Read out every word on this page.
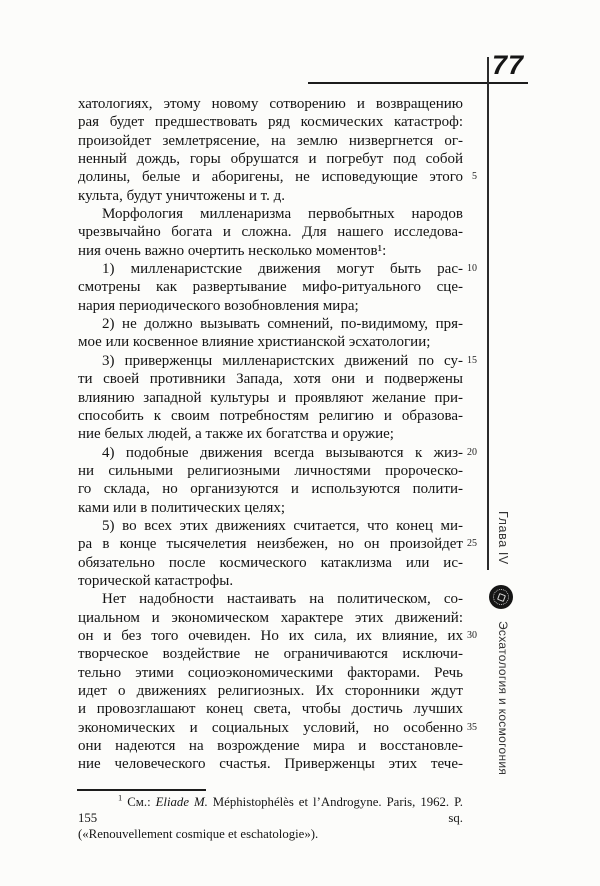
77
хатологиях, этому новому сотворению и возвращению
рая будет предшествовать ряд космических катастроф:
произойдет землетрясение, на землю низвергнется ог-
ненный дождь, горы обрушатся и погребут под собой
долины, белые и аборигены, не исповедующие этого
культа, будут уничтожены и т. д.
Морфология милленаризма первобытных народов
чрезвычайно богата и сложна. Для нашего исследова-
ния очень важно очертить несколько моментов¹:
1) милленаристские движения могут быть рас-
смотрены как развертывание мифо-ритуального сце-
нария периодического возобновления мира;
2) не должно вызывать сомнений, по-видимому, пря-
мое или косвенное влияние христианской эсхатологии;
3) приверженцы милленаристских движений по су-
ти своей противники Запада, хотя они и подвержены
влиянию западной культуры и проявляют желание при-
способить к своим потребностям религию и образова-
ние белых людей, а также их богатства и оружие;
4) подобные движения всегда вызываются к жиз-
ни сильными религиозными личностями пророческо-
го склада, но организуются и используются полити-
ками или в политических целях;
5) во всех этих движениях считается, что конец ми-
ра в конце тысячелетия неизбежен, но он произойдет
обязательно после космического катаклизма или ис-
торической катастрофы.
Нет надобности настаивать на политическом, со-
циальном и экономическом характере этих движений:
он и без того очевиден. Но их сила, их влияние, их
творческое воздействие не ограничиваются исключи-
тельно этими социоэкономическими факторами. Речь
идет о движениях религиозных. Их сторонники ждут
и провозглашают конец света, чтобы достичь лучших
экономических и социальных условий, но особенно
они надеются на возрождение мира и восстановле-
ние человеческого счастья. Приверженцы этих тече-
5
10
15
20
25
30
35
Глава IV
Эсхатология и космогония
$^1$ См.: Eliade M. Méphistophélès et l’Androgyne. Paris, 1962. P. 155 sq.
(«Renouvellement cosmique et eschatologie»).
